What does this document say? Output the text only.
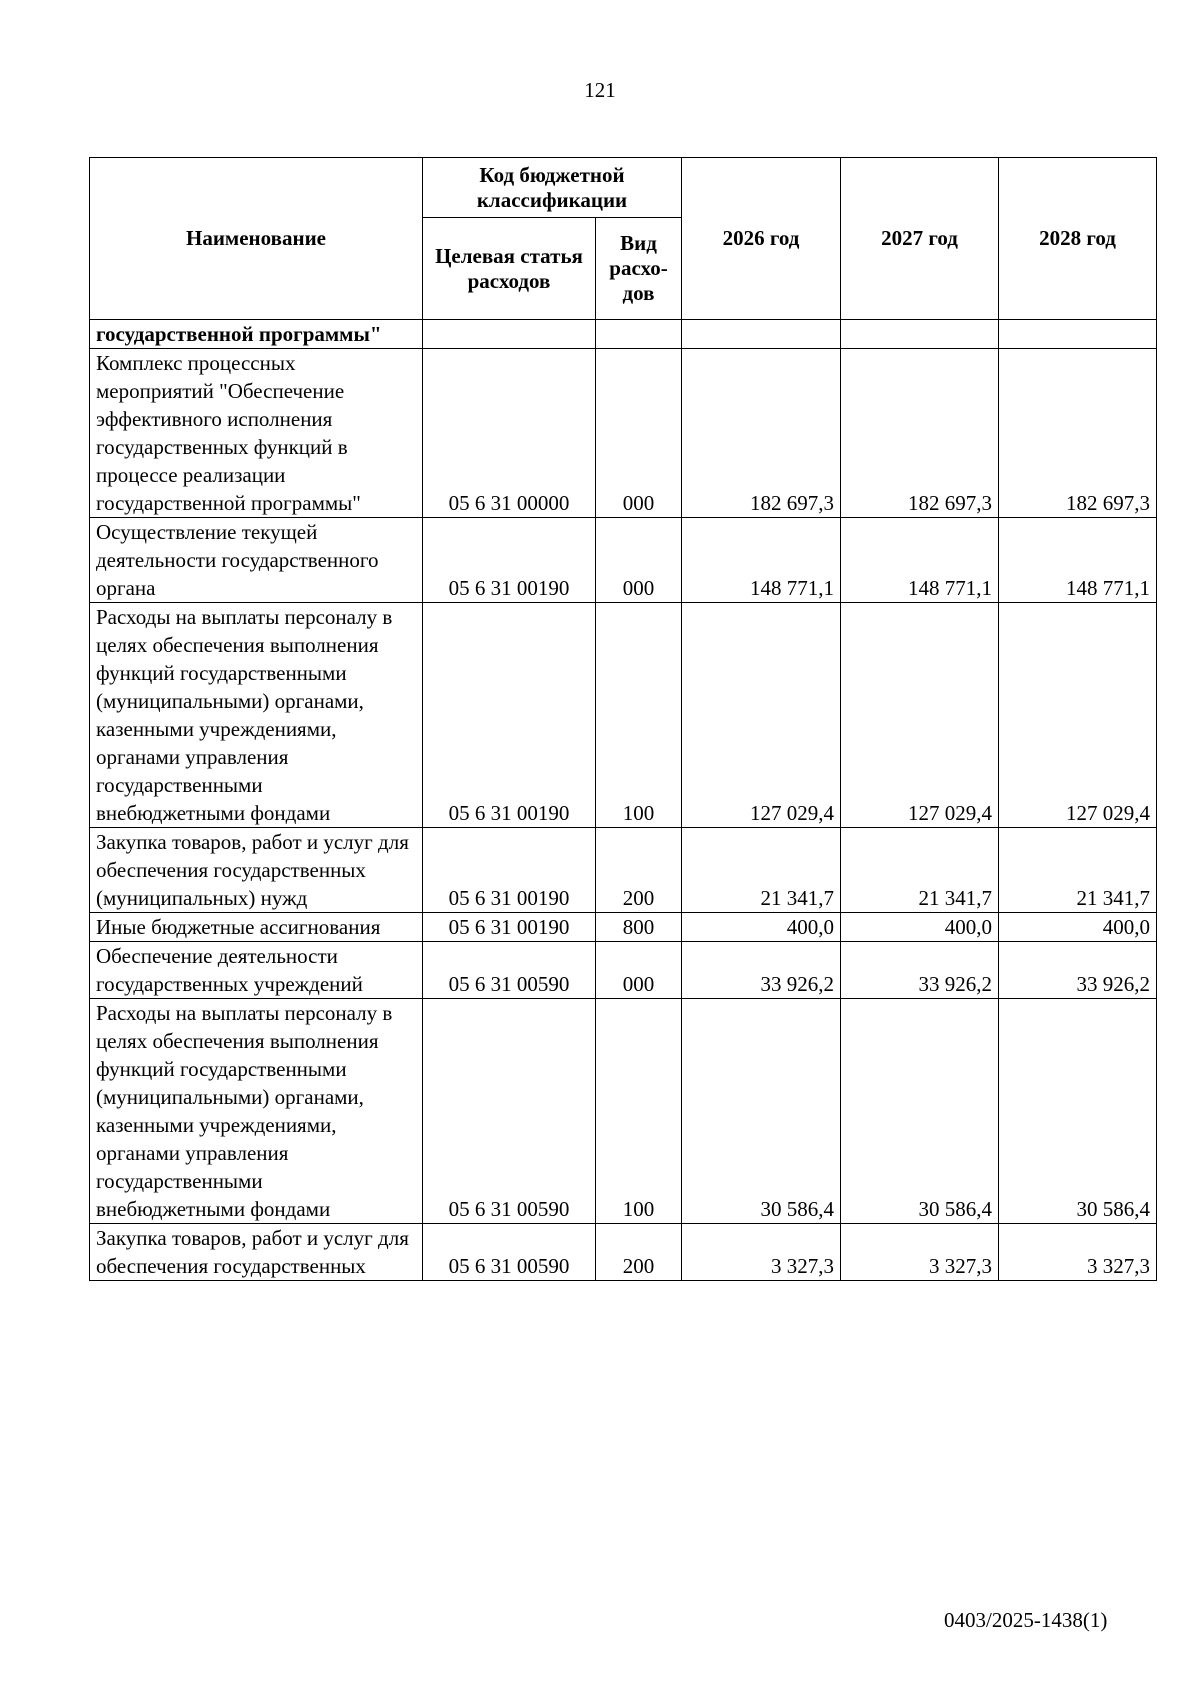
121
Наименование	Код бюджетной классификации		2026 год	2027 год	2028 год
	Целевая статья расходов	Вид расхо-дов			
государственной программы"					
Комплекс процессных мероприятий "Обеспечение эффективного исполнения государственных функций в процессе реализации государственной программы"	05 6 31 00000	000	182 697,3	182 697,3	182 697,3
Осуществление текущей деятельности государственного органа	05 6 31 00190	000	148 771,1	148 771,1	148 771,1
Расходы на выплаты персоналу в целях обеспечения выполнения функций государственными (муниципальными) органами, казенными учреждениями, органами управления государственными внебюджетными фондами	05 6 31 00190	100	127 029,4	127 029,4	127 029,4
Закупка товаров, работ и услуг для обеспечения государственных (муниципальных) нужд	05 6 31 00190	200	21 341,7	21 341,7	21 341,7
Иные бюджетные ассигнования	05 6 31 00190	800	400,0	400,0	400,0
Обеспечение деятельности государственных учреждений	05 6 31 00590	000	33 926,2	33 926,2	33 926,2
Расходы на выплаты персоналу в целях обеспечения выполнения функций государственными (муниципальными) органами, казенными учреждениями, органами управления государственными внебюджетными фондами	05 6 31 00590	100	30 586,4	30 586,4	30 586,4
Закупка товаров, работ и услуг для обеспечения государственных	05 6 31 00590	200	3 327,3	3 327,3	3 327,3
0403/2025-1438(1)
